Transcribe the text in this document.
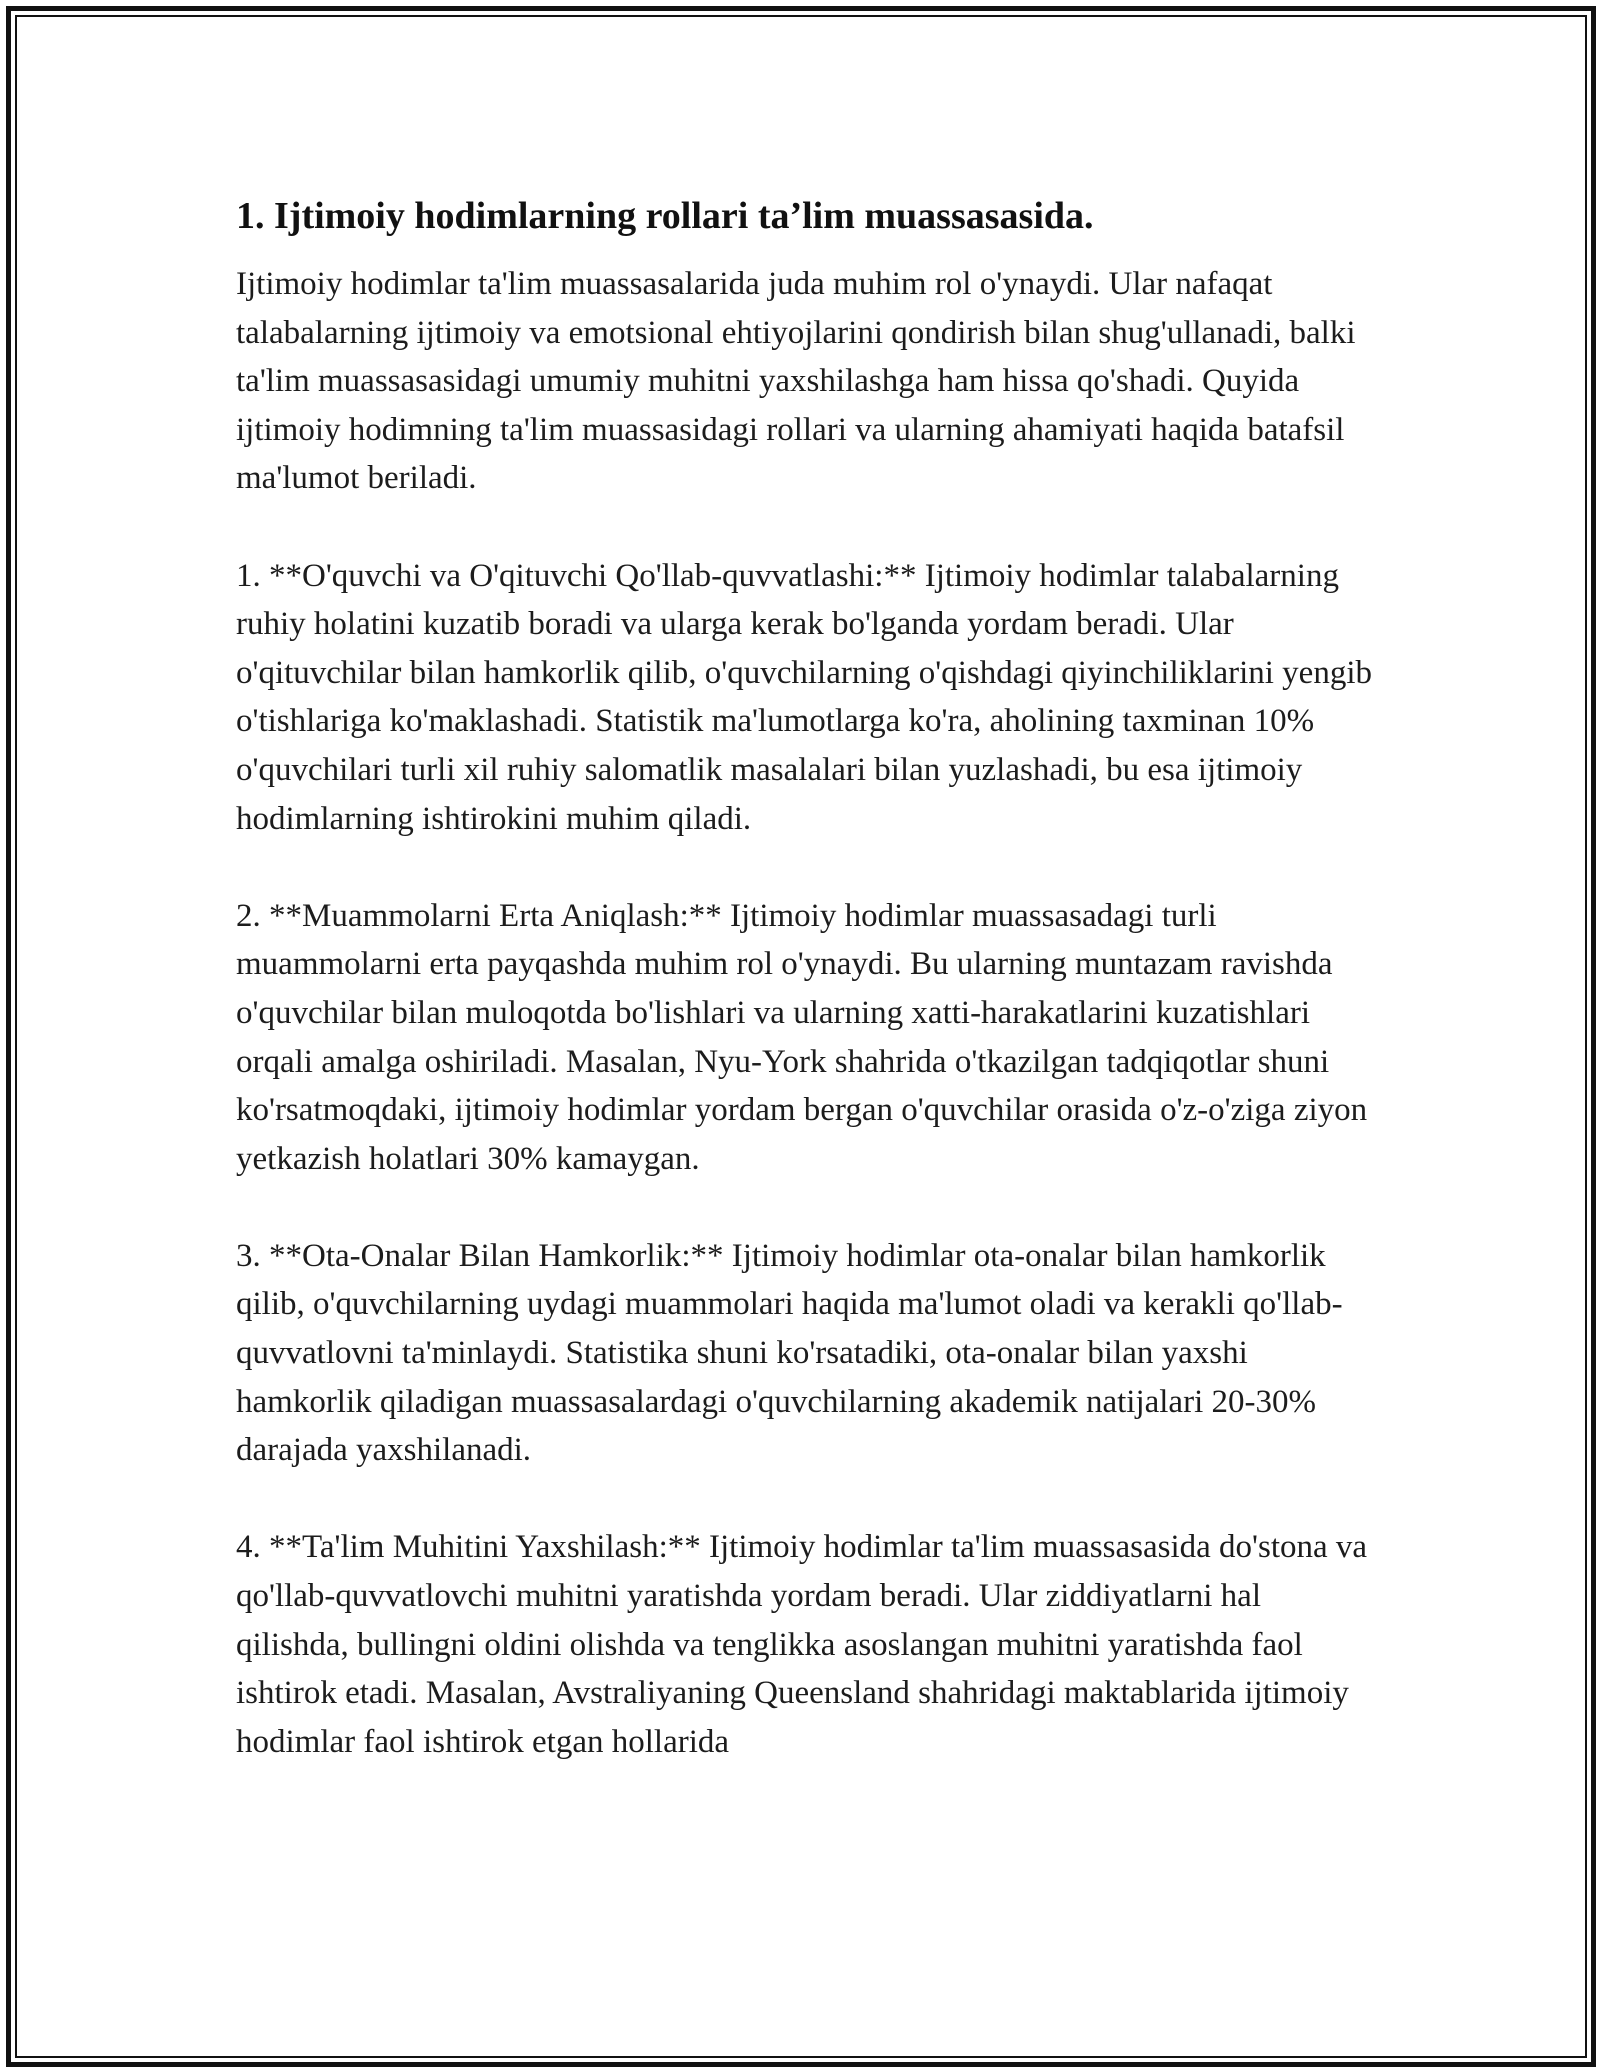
1. Ijtimoiy hodimlarning rollari ta’lim muassasasida.

Ijtimoiy hodimlar ta'lim muassasalarida juda muhim rol o'ynaydi. Ular nafaqat talabalarning ijtimoiy va emotsional ehtiyojlarini qondirish bilan shug'ullanadi, balki ta'lim muassasasidagi umumiy muhitni yaxshilashga ham hissa qo'shadi. Quyida ijtimoiy hodimning ta'lim muassasidagi rollari va ularning ahamiyati haqida batafsil ma'lumot beriladi.

1. **O'quvchi va O'qituvchi Qo'llab-quvvatlashi:** Ijtimoiy hodimlar talabalarning ruhiy holatini kuzatib boradi va ularga kerak bo'lganda yordam beradi. Ular o'qituvchilar bilan hamkorlik qilib, o'quvchilarning o'qishdagi qiyinchiliklarini yengib o'tishlariga ko'maklashadi. Statistik ma'lumotlarga ko'ra, aholining taxminan 10% o'quvchilari turli xil ruhiy salomatlik masalalari bilan yuzlashadi, bu esa ijtimoiy hodimlarning ishtirokini muhim qiladi.

2. **Muammolarni Erta Aniqlash:** Ijtimoiy hodimlar muassasadagi turli muammolarni erta payqashda muhim rol o'ynaydi. Bu ularning muntazam ravishda o'quvchilar bilan muloqotda bo'lishlari va ularning xatti-harakatlarini kuzatishlari orqali amalga oshiriladi. Masalan, Nyu-York shahrida o'tkazilgan tadqiqotlar shuni ko'rsatmoqdaki, ijtimoiy hodimlar yordam bergan o'quvchilar orasida o'z-o'ziga ziyon yetkazish holatlari 30% kamaygan.

3. **Ota-Onalar Bilan Hamkorlik:** Ijtimoiy hodimlar ota-onalar bilan hamkorlik qilib, o'quvchilarning uydagi muammolari haqida ma'lumot oladi va kerakli qo'llab-quvvatlovni ta'minlaydi. Statistika shuni ko'rsatadiki, ota-onalar bilan yaxshi hamkorlik qiladigan muassasalardagi o'quvchilarning akademik natijalari 20-30% darajada yaxshilanadi.

4. **Ta'lim Muhitini Yaxshilash:** Ijtimoiy hodimlar ta'lim muassasasida do'stona va qo'llab-quvvatlovchi muhitni yaratishda yordam beradi. Ular ziddiyatlarni hal qilishda, bullingni oldini olishda va tenglikka asoslangan muhitni yaratishda faol ishtirok etadi. Masalan, Avstraliyaning Queensland shahridagi maktablarida ijtimoiy hodimlar faol ishtirok etgan hollarida
